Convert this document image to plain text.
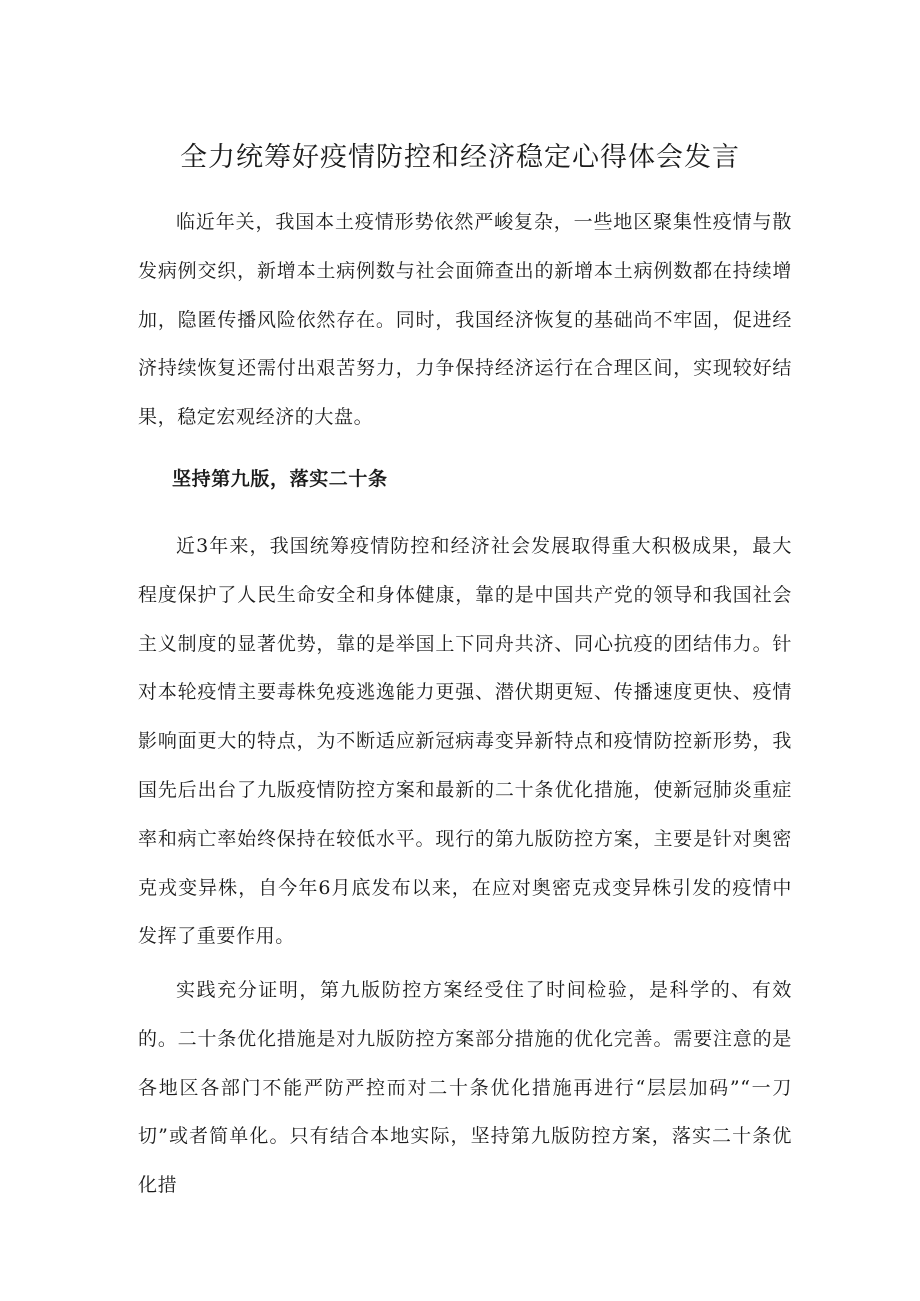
全力统筹好疫情防控和经济稳定心得体会发言

临近年关，我国本土疫情形势依然严峻复杂，一些地区聚集性疫情与散发病例交织，新增本土病例数与社会面筛查出的新增本土病例数都在持续增加，隐匿传播风险依然存在。同时，我国经济恢复的基础尚不牢固，促进经济持续恢复还需付出艰苦努力，力争保持经济运行在合理区间，实现较好结果，稳定宏观经济的大盘。

坚持第九版，落实二十条

近3年来，我国统筹疫情防控和经济社会发展取得重大积极成果，最大程度保护了人民生命安全和身体健康，靠的是中国共产党的领导和我国社会主义制度的显著优势，靠的是举国上下同舟共济、同心抗疫的团结伟力。针对本轮疫情主要毒株免疫逃逸能力更强、潜伏期更短、传播速度更快、疫情影响面更大的特点，为不断适应新冠病毒变异新特点和疫情防控新形势，我国先后出台了九版疫情防控方案和最新的二十条优化措施，使新冠肺炎重症率和病亡率始终保持在较低水平。现行的第九版防控方案，主要是针对奥密克戎变异株，自今年6月底发布以来，在应对奥密克戎变异株引发的疫情中发挥了重要作用。

实践充分证明，第九版防控方案经受住了时间检验，是科学的、有效的。二十条优化措施是对九版防控方案部分措施的优化完善。需要注意的是各地区各部门不能严防严控而对二十条优化措施再进行“层层加码”“一刀切”或者简单化。只有结合本地实际，坚持第九版防控方案，落实二十条优化措
